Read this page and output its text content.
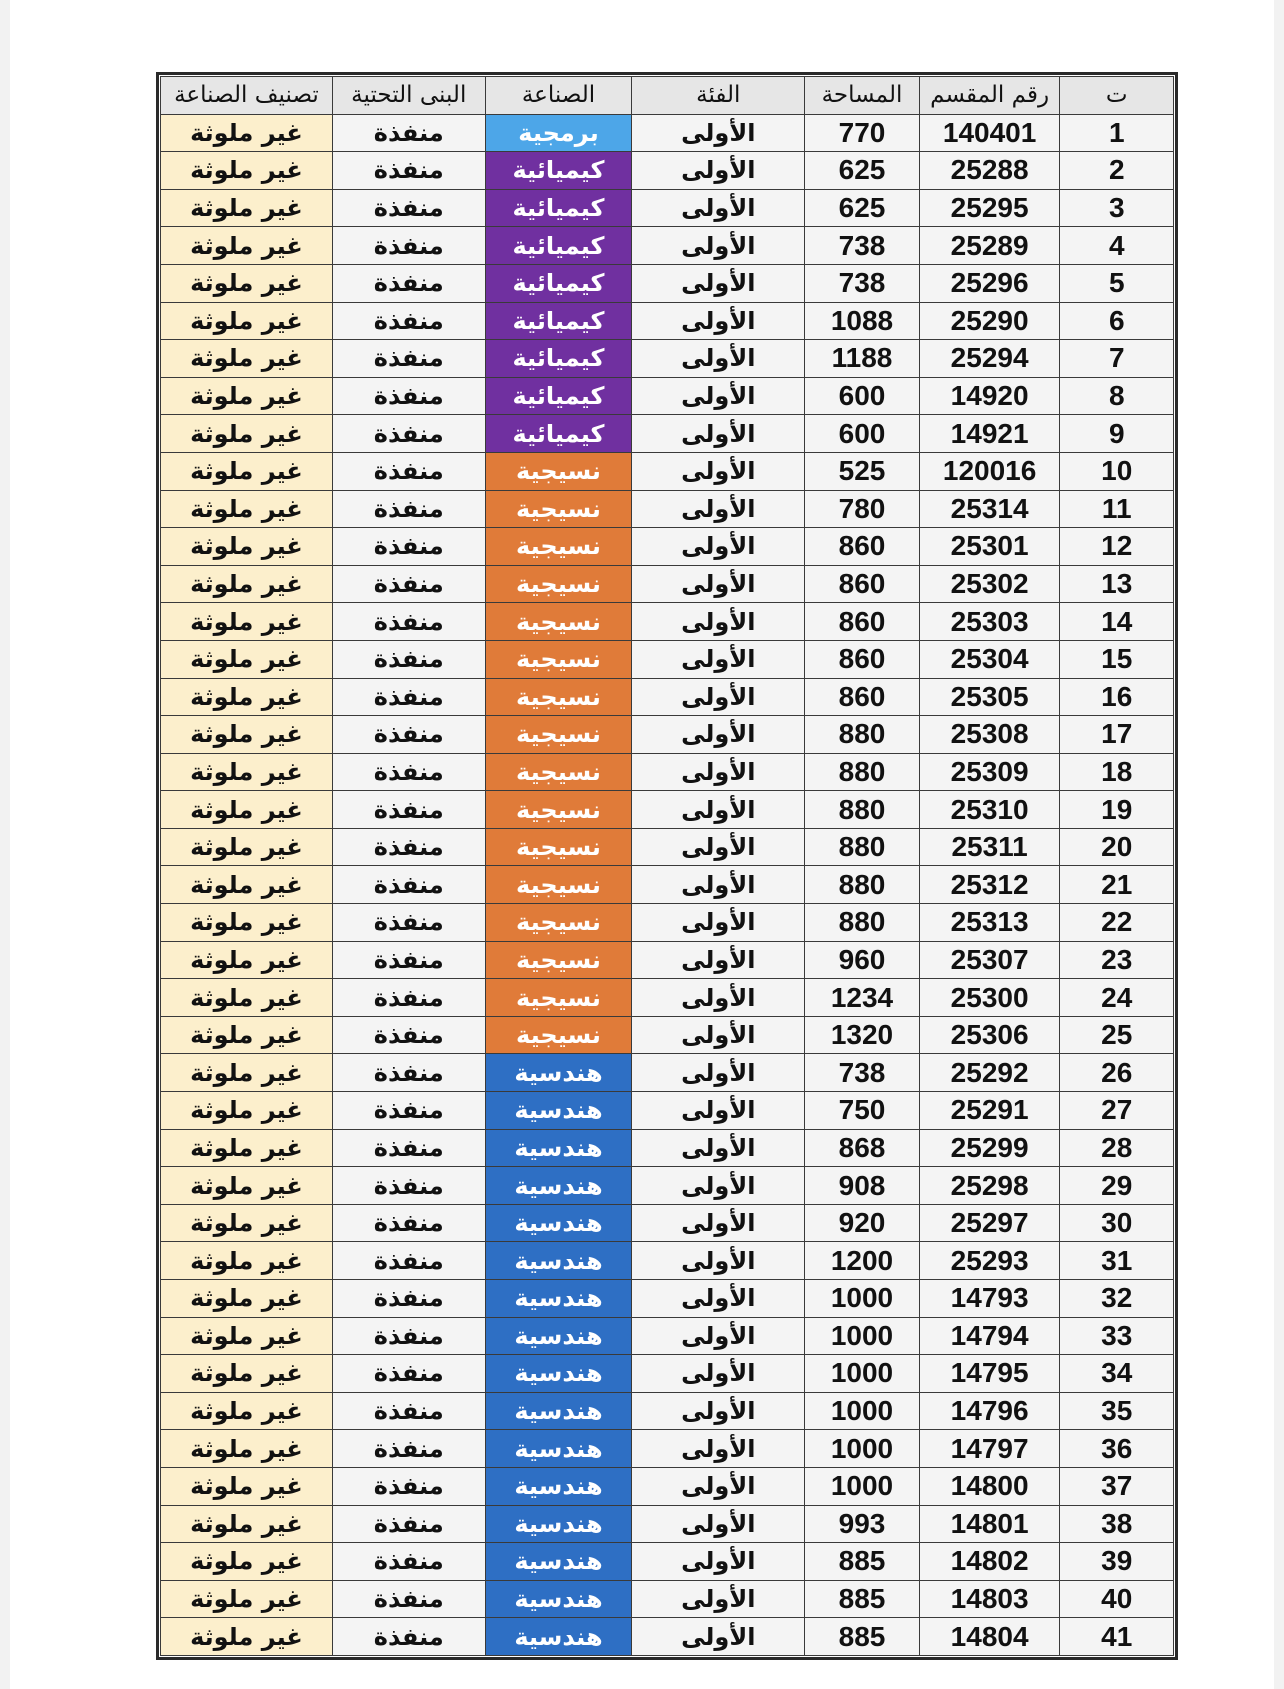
ت	رقم المقسم	المساحة	الفئة	الصناعة	البنى التحتية	تصنيف الصناعة
1	140401	770	الأولى	برمجية	منفذة	غير ملوثة
2	25288	625	الأولى	كيميائية	منفذة	غير ملوثة
3	25295	625	الأولى	كيميائية	منفذة	غير ملوثة
4	25289	738	الأولى	كيميائية	منفذة	غير ملوثة
5	25296	738	الأولى	كيميائية	منفذة	غير ملوثة
6	25290	1088	الأولى	كيميائية	منفذة	غير ملوثة
7	25294	1188	الأولى	كيميائية	منفذة	غير ملوثة
8	14920	600	الأولى	كيميائية	منفذة	غير ملوثة
9	14921	600	الأولى	كيميائية	منفذة	غير ملوثة
10	120016	525	الأولى	نسيجية	منفذة	غير ملوثة
11	25314	780	الأولى	نسيجية	منفذة	غير ملوثة
12	25301	860	الأولى	نسيجية	منفذة	غير ملوثة
13	25302	860	الأولى	نسيجية	منفذة	غير ملوثة
14	25303	860	الأولى	نسيجية	منفذة	غير ملوثة
15	25304	860	الأولى	نسيجية	منفذة	غير ملوثة
16	25305	860	الأولى	نسيجية	منفذة	غير ملوثة
17	25308	880	الأولى	نسيجية	منفذة	غير ملوثة
18	25309	880	الأولى	نسيجية	منفذة	غير ملوثة
19	25310	880	الأولى	نسيجية	منفذة	غير ملوثة
20	25311	880	الأولى	نسيجية	منفذة	غير ملوثة
21	25312	880	الأولى	نسيجية	منفذة	غير ملوثة
22	25313	880	الأولى	نسيجية	منفذة	غير ملوثة
23	25307	960	الأولى	نسيجية	منفذة	غير ملوثة
24	25300	1234	الأولى	نسيجية	منفذة	غير ملوثة
25	25306	1320	الأولى	نسيجية	منفذة	غير ملوثة
26	25292	738	الأولى	هندسية	منفذة	غير ملوثة
27	25291	750	الأولى	هندسية	منفذة	غير ملوثة
28	25299	868	الأولى	هندسية	منفذة	غير ملوثة
29	25298	908	الأولى	هندسية	منفذة	غير ملوثة
30	25297	920	الأولى	هندسية	منفذة	غير ملوثة
31	25293	1200	الأولى	هندسية	منفذة	غير ملوثة
32	14793	1000	الأولى	هندسية	منفذة	غير ملوثة
33	14794	1000	الأولى	هندسية	منفذة	غير ملوثة
34	14795	1000	الأولى	هندسية	منفذة	غير ملوثة
35	14796	1000	الأولى	هندسية	منفذة	غير ملوثة
36	14797	1000	الأولى	هندسية	منفذة	غير ملوثة
37	14800	1000	الأولى	هندسية	منفذة	غير ملوثة
38	14801	993	الأولى	هندسية	منفذة	غير ملوثة
39	14802	885	الأولى	هندسية	منفذة	غير ملوثة
40	14803	885	الأولى	هندسية	منفذة	غير ملوثة
41	14804	885	الأولى	هندسية	منفذة	غير ملوثة
